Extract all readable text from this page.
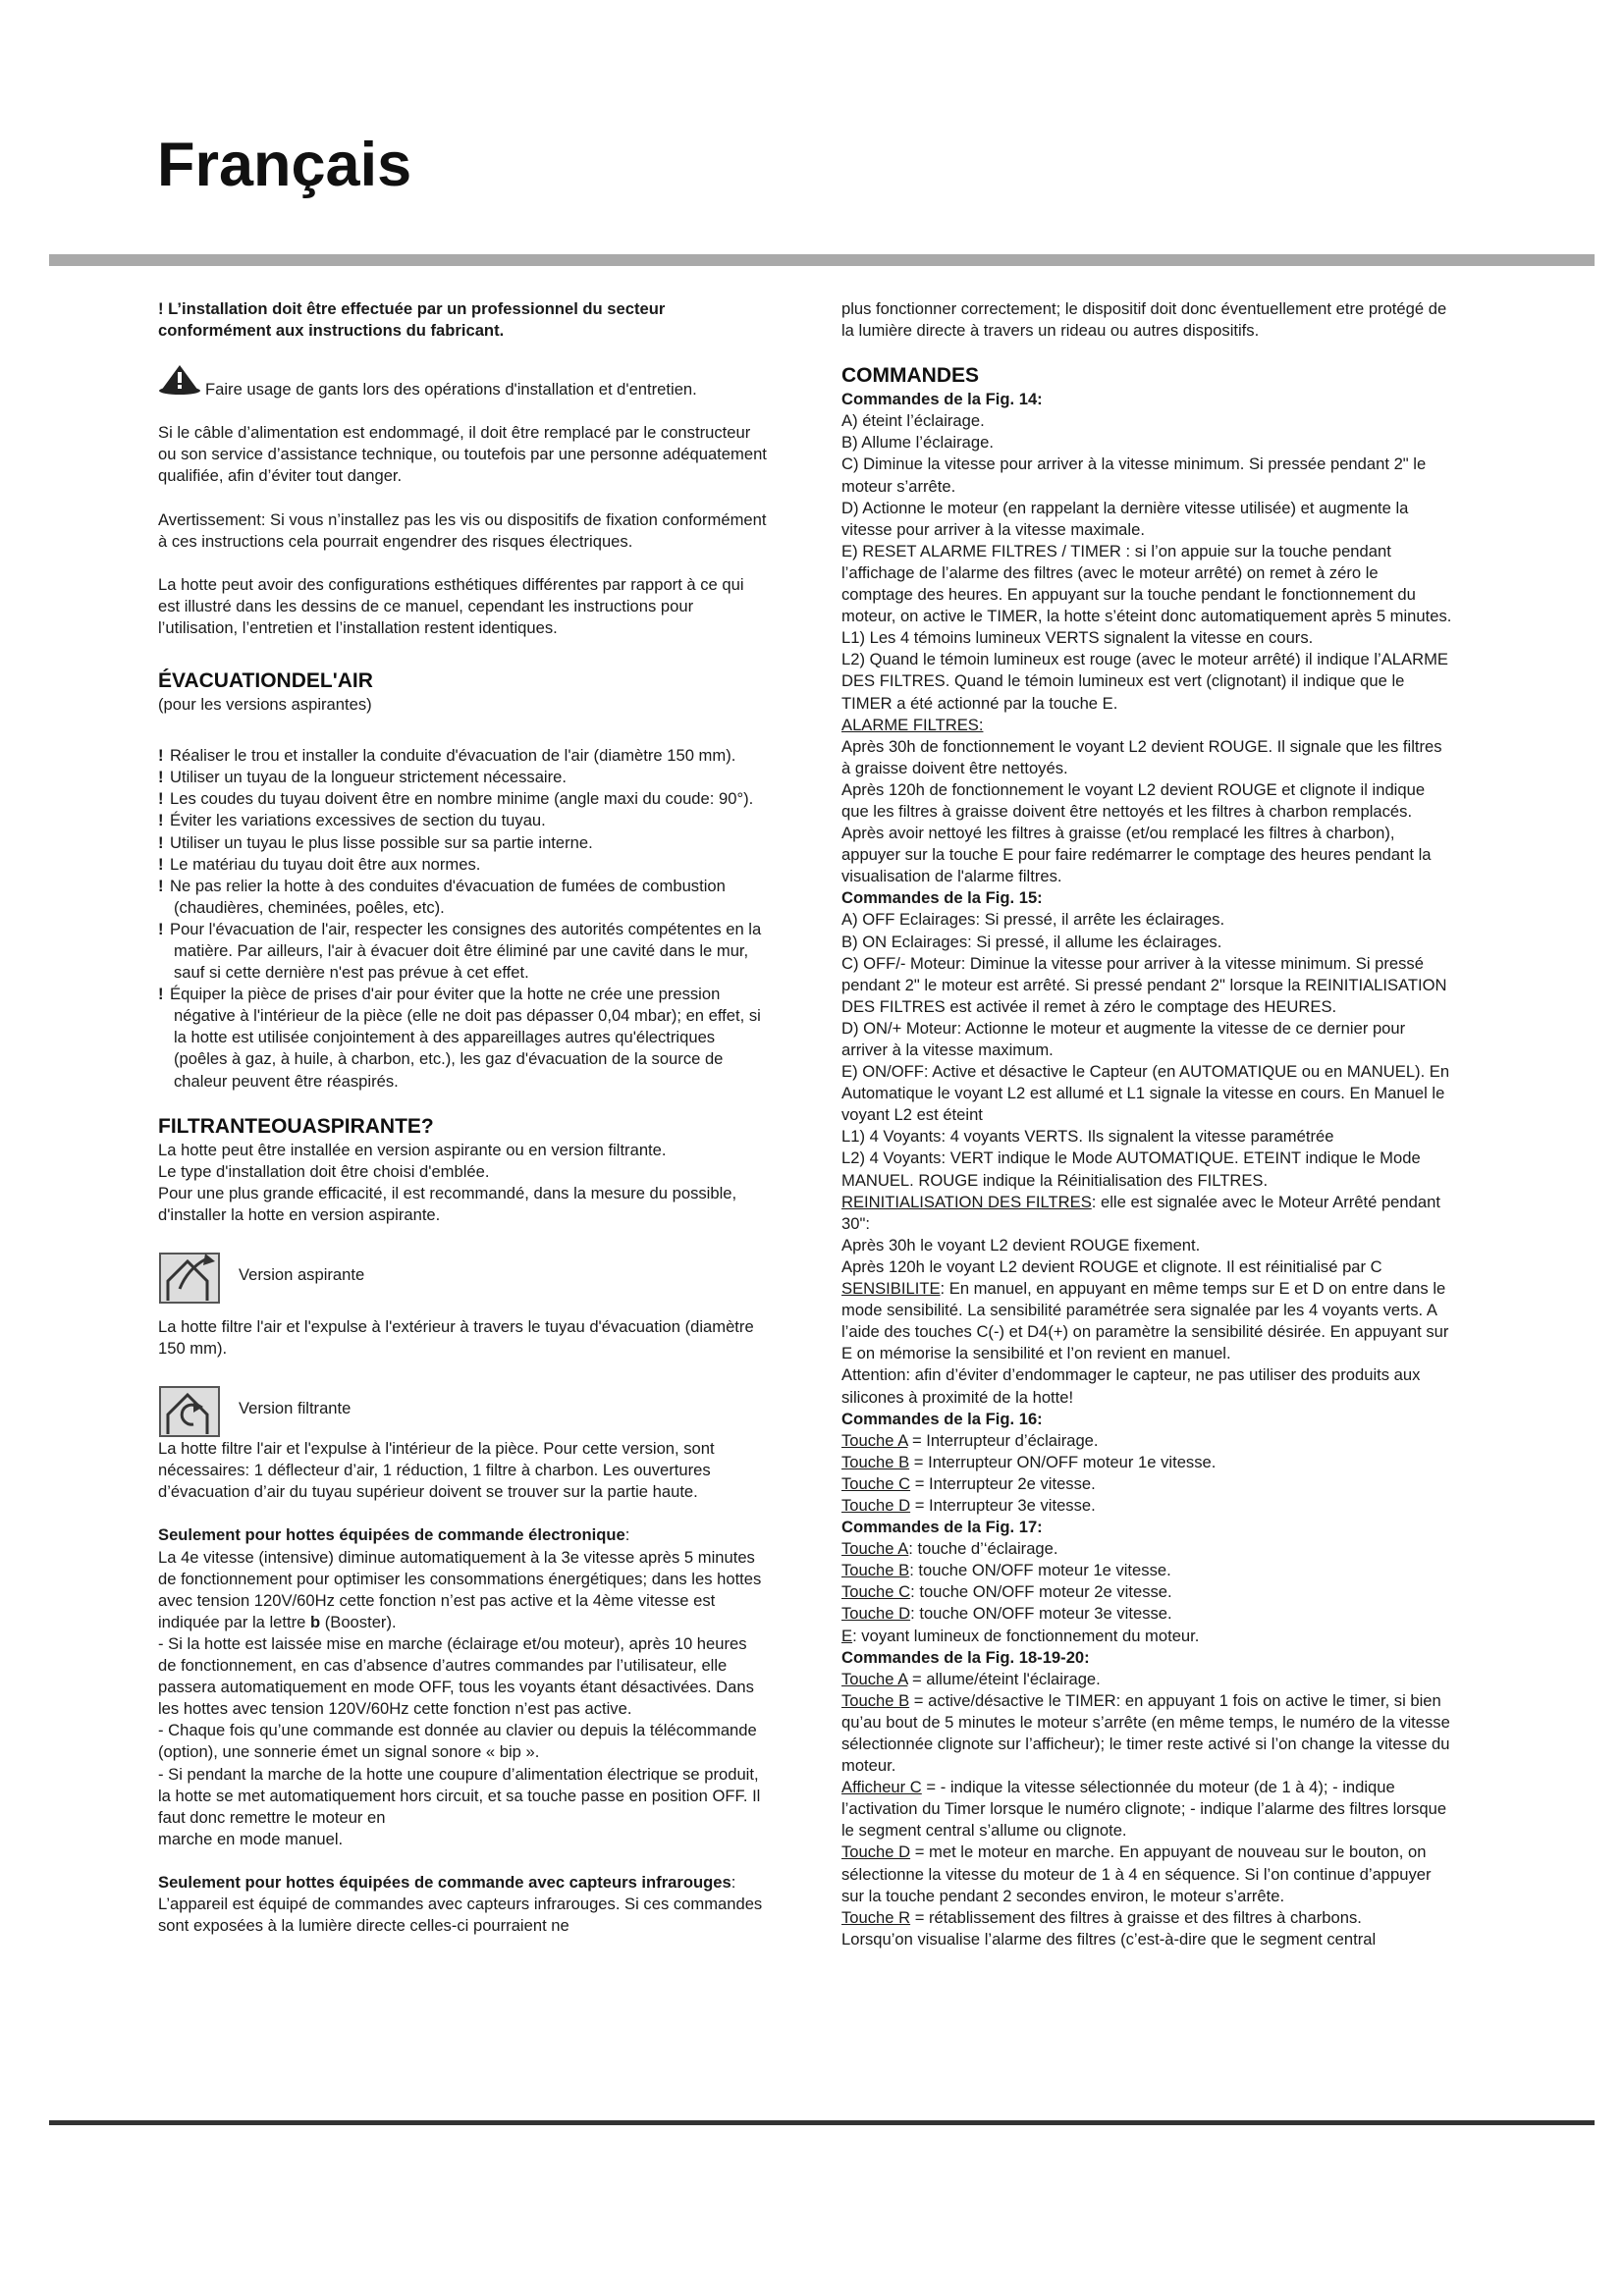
Français

! L’installation doit être effectuée par un professionnel du secteur conformément aux instructions du fabricant.

Faire usage de gants lors des opérations d'installation et d'entretien.

Si le câble d’alimentation est endommagé, il doit être remplacé par le constructeur ou son service d’assistance technique, ou toutefois par une personne adéquatement qualifiée, afin d’éviter tout danger.

Avertissement: Si vous n’installez pas les vis ou dispositifs de fixation conformément à ces instructions cela pourrait engendrer des risques électriques.

La hotte peut avoir des configurations esthétiques différentes par rapport à ce qui est illustré dans les dessins de ce manuel, cependant les instructions pour l’utilisation, l’entretien et l’installation restent identiques.

ÉVACUATIONDEL'AIR

(pour les versions aspirantes)

! Réaliser le trou et installer la conduite d'évacuation de l'air (diamètre 150 mm).
! Utiliser un tuyau de la longueur strictement nécessaire.
! Les coudes du tuyau doivent être en nombre minime (angle maxi du coude: 90°).
! Éviter les variations excessives de section du tuyau.
! Utiliser un tuyau le plus lisse possible sur sa partie interne.
! Le matériau du tuyau doit être aux normes.
! Ne pas relier la hotte à des conduites d'évacuation de fumées de combustion (chaudières, cheminées, poêles, etc).
! Pour l'évacuation de l'air, respecter les consignes des autorités compétentes en la matière. Par ailleurs, l'air à évacuer doit être éliminé par une cavité dans le mur, sauf si cette dernière n'est pas prévue à cet effet.
! Équiper la pièce de prises d'air pour éviter que la hotte ne crée une pression négative à l'intérieur de la pièce (elle ne doit pas dépasser 0,04 mbar); en effet, si la hotte est utilisée conjointement à des appareillages autres qu'électriques (poêles à gaz, à huile, à charbon, etc.), les gaz d'évacuation de la source de chaleur peuvent être réaspirés.

FILTRANTEOUASPIRANTE?

La hotte peut être installée en version aspirante ou en version filtrante.

Le type d'installation doit être choisi d'emblée.

Pour une plus grande efficacité, il est recommandé, dans la mesure du possible, d'installer la hotte en version aspirante.

Version aspirante

La hotte filtre l'air et l'expulse à l'extérieur à travers le tuyau d'évacuation (diamètre 150 mm).

Version filtrante

La hotte filtre l'air et l'expulse à l'intérieur de la pièce. Pour cette version, sont nécessaires: 1 déflecteur d’air, 1 réduction, 1 filtre à charbon. Les ouvertures d’évacuation d’air du tuyau supérieur doivent se trouver sur la partie haute.

Seulement pour hottes équipées de commande électronique:

La 4e vitesse (intensive) diminue automatiquement à la 3e vitesse après 5 minutes de fonctionnement pour optimiser les consommations énergétiques; dans les hottes avec tension 120V/60Hz cette fonction n’est pas active et la 4ème vitesse est indiquée par la lettre b (Booster).

- Si la hotte est laissée mise en marche (éclairage et/ou moteur), après 10 heures de fonctionnement, en cas d’absence d’autres commandes par l’utilisateur, elle passera automatiquement en mode OFF, tous les voyants étant désactivées. Dans les hottes avec tension 120V/60Hz cette fonction n’est pas active.

- Chaque fois qu’une commande est donnée au clavier ou depuis la télécommande (option), une sonnerie émet un signal sonore « bip ».

- Si pendant la marche de la hotte une coupure d’alimentation électrique se produit, la hotte se met automatiquement hors circuit, et sa touche passe en position OFF. Il faut donc remettre le moteur en

marche en mode manuel.

Seulement pour hottes équipées de commande avec capteurs infrarouges:

L’appareil est équipé de commandes avec capteurs infrarouges. Si ces commandes sont exposées à la lumière directe celles-ci pourraient ne

plus fonctionner correctement; le dispositif doit donc éventuellement etre protégé de la lumière directe à travers un rideau ou autres dispositifs.

COMMANDES

Commandes de la Fig. 14:

A) éteint l’éclairage.

B) Allume l’éclairage.

C) Diminue la vitesse pour arriver à la vitesse minimum. Si pressée pendant 2" le moteur s’arrête.

D) Actionne le moteur (en rappelant la dernière vitesse utilisée) et augmente la vitesse pour arriver à la vitesse maximale.

E) RESET ALARME FILTRES / TIMER : si l’on appuie sur la touche pendant l’affichage de l’alarme des filtres (avec le moteur arrêté) on remet à zéro le comptage des heures. En appuyant sur la touche pendant le fonctionnement du moteur, on active le TIMER, la hotte s’éteint donc automatiquement après 5 minutes.

L1) Les 4 témoins lumineux VERTS signalent la vitesse en cours.

L2) Quand le témoin lumineux est rouge (avec le moteur arrêté) il indique l’ALARME DES FILTRES. Quand le témoin lumineux est vert (clignotant) il indique que le TIMER a été actionné par la touche E.

ALARME FILTRES:

Après 30h de fonctionnement le voyant L2 devient ROUGE. Il signale que les filtres à graisse doivent être nettoyés.

Après 120h de fonctionnement le voyant L2 devient ROUGE et clignote il indique que les filtres à graisse doivent être nettoyés et les filtres à charbon remplacés.

Après avoir nettoyé les filtres à graisse (et/ou remplacé les filtres à charbon), appuyer sur la touche E pour faire redémarrer le comptage des heures pendant la visualisation de l'alarme filtres.

Commandes de la Fig. 15:

A) OFF Eclairages: Si pressé, il arrête les éclairages.

B) ON Eclairages: Si pressé, il allume les éclairages.

C) OFF/- Moteur: Diminue la vitesse pour arriver à la vitesse minimum. Si pressé pendant 2" le moteur est arrêté. Si pressé pendant 2" lorsque la REINITIALISATION DES FILTRES est activée il remet à zéro le comptage des HEURES.

D) ON/+ Moteur: Actionne le moteur et augmente la vitesse de ce dernier pour arriver à la vitesse maximum.

E) ON/OFF: Active et désactive le Capteur (en AUTOMATIQUE ou en MANUEL). En Automatique le voyant L2 est allumé et L1 signale la vitesse en cours. En Manuel le voyant L2 est éteint

L1) 4 Voyants: 4 voyants VERTS. Ils signalent la vitesse paramétrée

L2) 4 Voyants: VERT indique le Mode AUTOMATIQUE. ETEINT indique le Mode MANUEL. ROUGE indique la Réinitialisation des FILTRES.

REINITIALISATION DES FILTRES: elle est signalée avec le Moteur Arrêté pendant 30":

Après 30h le voyant L2 devient ROUGE fixement.

Après 120h le voyant L2 devient ROUGE et clignote. Il est réinitialisé par C

SENSIBILITE: En manuel, en appuyant en même temps sur E et D on entre dans le mode sensibilité. La sensibilité paramétrée sera signalée par les 4 voyants verts. A l’aide des touches C(-) et D4(+) on paramètre la sensibilité désirée. En appuyant sur E on mémorise la sensibilité et l’on revient en manuel.

Attention: afin d’éviter d’endommager le capteur, ne pas utiliser des produits aux silicones à proximité de la hotte!

Commandes de la Fig. 16:

Touche A = Interrupteur d’éclairage.

Touche B = Interrupteur ON/OFF moteur 1e vitesse.

Touche C = Interrupteur 2e vitesse.

Touche D = Interrupteur 3e vitesse.

Commandes de la Fig. 17:

Touche A: touche d’‘éclairage.

Touche B: touche ON/OFF moteur 1e vitesse.

Touche C: touche ON/OFF moteur 2e vitesse.

Touche D: touche ON/OFF moteur 3e vitesse.

E: voyant lumineux de fonctionnement du moteur.

Commandes de la Fig. 18-19-20:

Touche A = allume/éteint l'éclairage.

Touche B = active/désactive le TIMER: en appuyant 1 fois on active le timer, si bien qu’au bout de 5 minutes le moteur s’arrête (en même temps, le numéro de la vitesse sélectionnée clignote sur l’afficheur); le timer reste activé si l’on change la vitesse du moteur.

Afficheur C = - indique la vitesse sélectionnée du moteur (de 1 à 4); - indique l’activation du Timer lorsque le numéro clignote; - indique l’alarme des filtres lorsque le segment central s’allume ou clignote.

Touche D = met le moteur en marche. En appuyant de nouveau sur le bouton, on sélectionne la vitesse du moteur de 1 à 4 en séquence. Si l’on continue d’appuyer sur la touche pendant 2 secondes environ, le moteur s’arrête.

Touche R = rétablissement des filtres à graisse et des filtres à charbons.

Lorsqu’on visualise l’alarme des filtres (c’est-à-dire que le segment central
